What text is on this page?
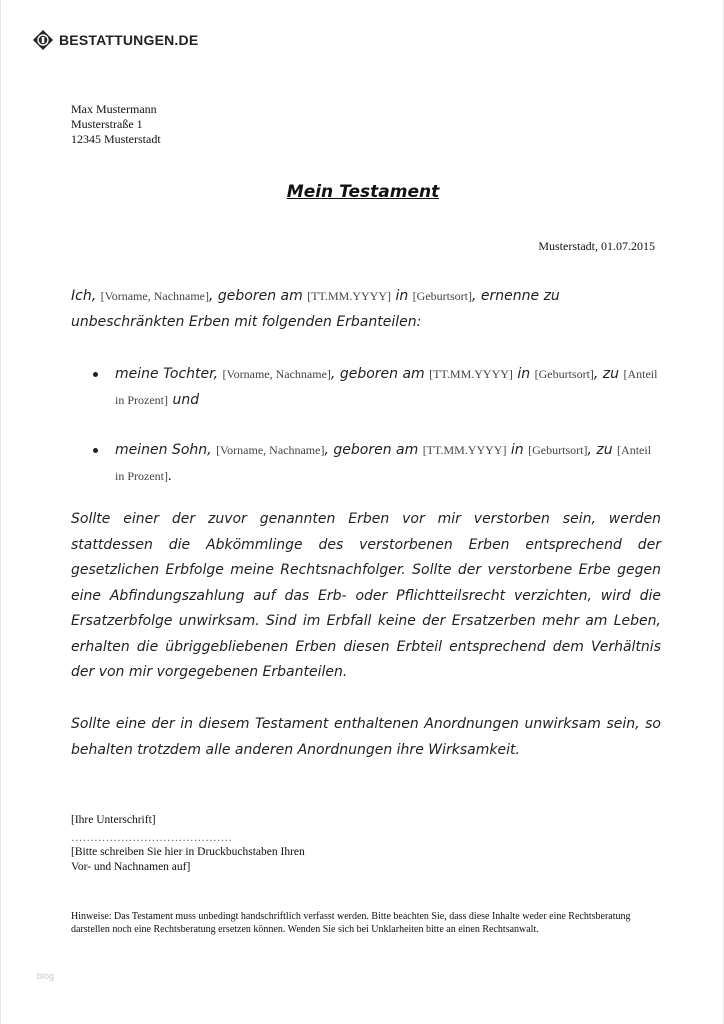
BESTATTUNGEN.DE
Max Mustermann
Musterstraße 1
12345 Musterstadt
Mein Testament
Musterstadt, 01.07.2015
Ich, [Vorname, Nachname], geboren am [TT.MM.YYYY] in [Geburtsort], ernenne zu unbeschränkten Erben mit folgenden Erbanteilen:
meine Tochter, [Vorname, Nachname], geboren am [TT.MM.YYYY] in [Geburtsort], zu [Anteil in Prozent] und
meinen Sohn, [Vorname, Nachname], geboren am [TT.MM.YYYY] in [Geburtsort], zu [Anteil in Prozent].
Sollte einer der zuvor genannten Erben vor mir verstorben sein, werden stattdessen die Abkömmlinge des verstorbenen Erben entsprechend der gesetzlichen Erbfolge meine Rechtsnachfolger. Sollte der verstorbene Erbe gegen eine Abfindungszahlung auf das Erb- oder Pflichtteilsrecht verzichten, wird die Ersatzerbfolge unwirksam. Sind im Erbfall keine der Ersatzerben mehr am Leben, erhalten die übriggebliebenen Erben diesen Erbteil entsprechend dem Verhältnis der von mir vorgegebenen Erbanteilen.
Sollte eine der in diesem Testament enthaltenen Anordnungen unwirksam sein, so behalten trotzdem alle anderen Anordnungen ihre Wirksamkeit.
[Ihre Unterschrift]
……………………………………
[Bitte schreiben Sie hier in Druckbuchstaben Ihren
Vor- und Nachnamen auf]
Hinweise: Das Testament muss unbedingt handschriftlich verfasst werden. Bitte beachten Sie, dass diese Inhalte weder eine Rechtsberatung darstellen noch eine Rechtsberatung ersetzen können. Wenden Sie sich bei Unklarheiten bitte an einen Rechtsanwalt.
blog
